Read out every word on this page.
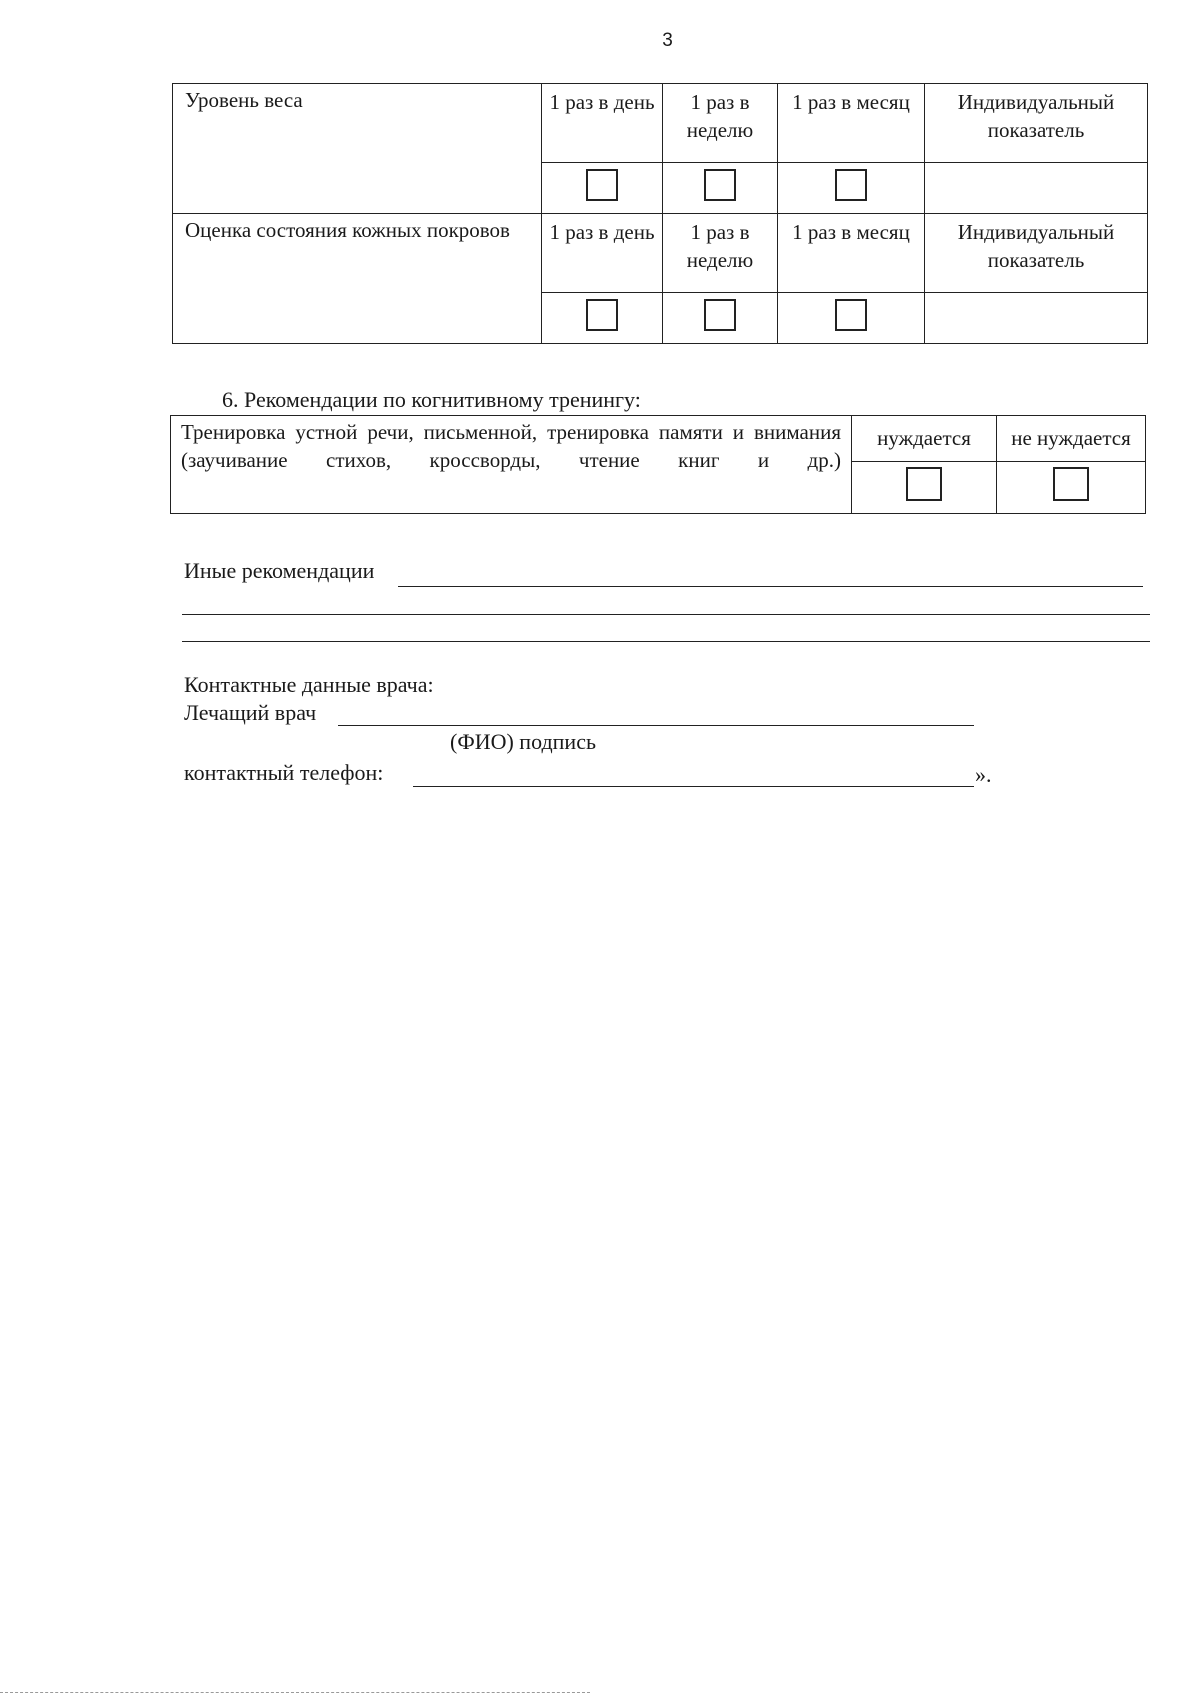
3
Уровень веса	1 раз в день	1 раз в неделю	1 раз в месяц	Индивидуальный показатель

Оценка состояния кожных покровов	1 раз в день	1 раз в неделю	1 раз в месяц	Индивидуальный показатель

6. Рекомендации по когнитивному тренингу:
Тренировка устной речи, письменной, тренировка памяти и внимания (заучивание стихов, кроссворды, чтение книг и др.)	нуждается	не нуждается

Иные рекомендации
Контактные данные врача:
Лечащий врач
(ФИО) подпись
контактный телефон:	».
